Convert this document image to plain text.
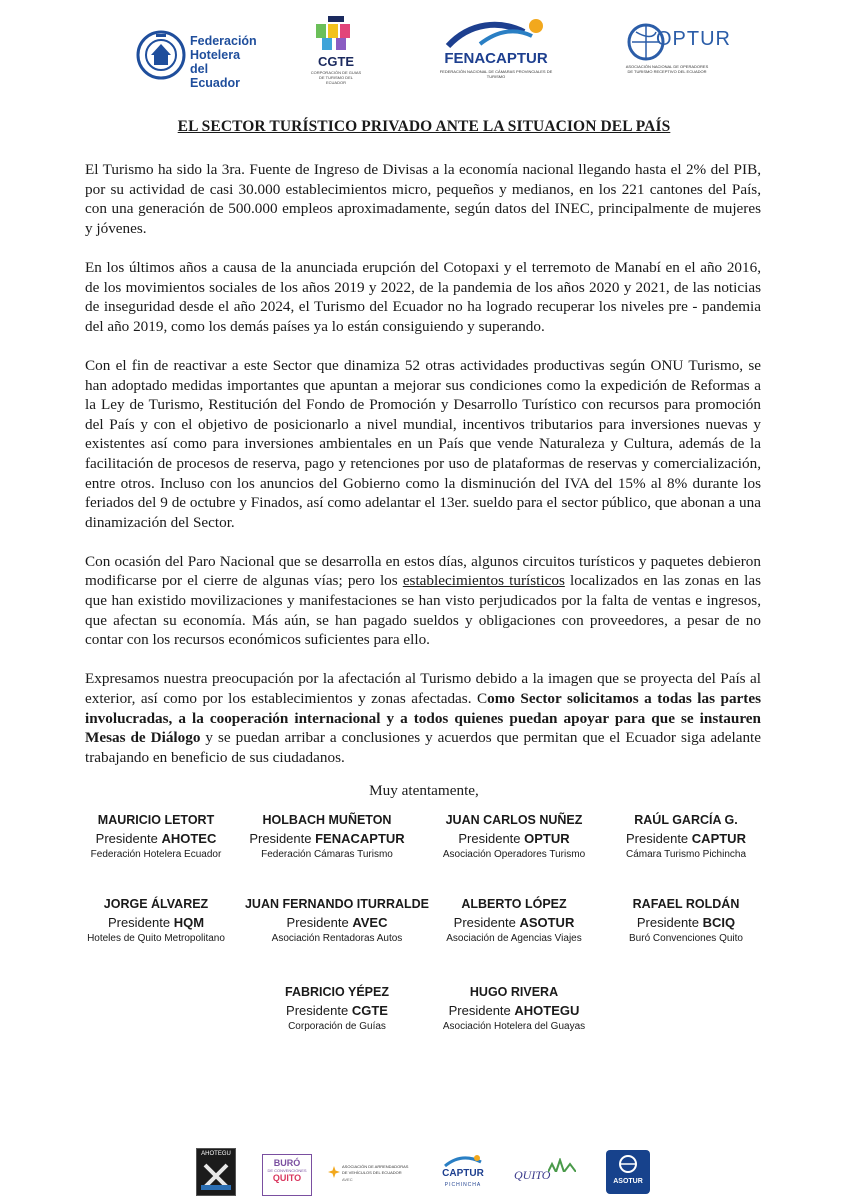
Federación
Hotelera
del Ecuador
CGTE
CORPORACIÓN DE GUIAS DE TURISMO DEL ECUADOR
FENACAPTUR
FEDERACIÓN NACIONAL DE CÁMARAS PROVINCIALES DE TURISMO
OPTUR
ASOCIACIÓN NACIONAL DE OPERADORES DE TURISMO RECEPTIVO DEL ECUADOR
EL SECTOR TURÍSTICO PRIVADO ANTE LA SITUACION DEL PAÍS

El Turismo ha sido la 3ra. Fuente de Ingreso de Divisas a la economía nacional llegando hasta el 2% del PIB, por su actividad de casi 30.000 establecimientos micro, pequeños y medianos, en los 221 cantones del País, con una generación de 500.000 empleos aproximadamente, según datos del INEC, principalmente de mujeres y jóvenes.

En los últimos años a causa de la anunciada erupción del Cotopaxi y el terremoto de Manabí en el año 2016, de los movimientos sociales de los años 2019 y 2022, de la pandemia de los años 2020 y 2021, de las noticias de inseguridad desde el año 2024, el Turismo del Ecuador no ha logrado recuperar los niveles pre - pandemia del año 2019, como los demás países ya lo están consiguiendo y superando.

Con el fin de reactivar a este Sector que dinamiza 52 otras actividades productivas según ONU Turismo, se han adoptado medidas importantes que apuntan a mejorar sus condiciones como la expedición de Reformas a la Ley de Turismo, Restitución del Fondo de Promoción y Desarrollo Turístico con recursos para promoción del País y con el objetivo de posicionarlo a nivel mundial, incentivos tributarios para inversiones nuevas y existentes así como para inversiones ambientales en un País que vende Naturaleza y Cultura, además de la facilitación de procesos de reserva, pago y retenciones por uso de plataformas de reservas y comercialización, entre otros. Incluso con los anuncios del Gobierno como la disminución del IVA del 15% al 8% durante los feriados del 9 de octubre y Finados, así como adelantar el 13er. sueldo para el sector público, que abonan a una dinamización del Sector.

Con ocasión del Paro Nacional que se desarrolla en estos días, algunos circuitos turísticos y paquetes debieron modificarse por el cierre de algunas vías; pero los establecimientos turísticos localizados en las zonas en las que han existido movilizaciones y manifestaciones se han visto perjudicados por la falta de ventas e ingresos, que afectan su economía. Más aún, se han pagado sueldos y obligaciones con proveedores, a pesar de no contar con los recursos económicos suficientes para ello.

Expresamos nuestra preocupación por la afectación al Turismo debido a la imagen que se proyecta del País al exterior, así como por los establecimientos y zonas afectadas. Como Sector solicitamos a todas las partes involucradas, a la cooperación internacional y a todos quienes puedan apoyar para que se instauren Mesas de Diálogo y se puedan arribar a conclusiones y acuerdos que permitan que el Ecuador siga adelante trabajando en beneficio de sus ciudadanos.

Muy atentamente,
MAURICIO LETORT
Presidente AHOTEC
Federación Hotelera Ecuador
HOLBACH MUÑETON
Presidente FENACAPTUR
Federación Cámaras Turismo
JUAN CARLOS NUÑEZ
Presidente OPTUR
Asociación Operadores Turismo
RAÚL GARCÍA G.
Presidente CAPTUR
Cámara Turismo Pichincha
JORGE ÁLVAREZ
Presidente HQM
Hoteles de Quito Metropolitano
JUAN FERNANDO ITURRALDE
Presidente AVEC
Asociación Rentadoras Autos
ALBERTO LÓPEZ
Presidente ASOTUR
Asociación de Agencias Viajes
RAFAEL ROLDÁN
Presidente BCIQ
Buró Convenciones Quito
FABRICIO YÉPEZ
Presidente CGTE
Corporación de Guías
HUGO RIVERA
Presidente AHOTEGU
Asociación Hotelera del Guayas
AHOTEGU
BURÓ
DE CONVENCIONES
QUITO
ASOCIACIÓN DE ARRENDADORAS
DE VEHÍCULOS DEL ECUADOR
AVEC
CAPTUR
PICHINCHA
QUITO	ASOTUR
